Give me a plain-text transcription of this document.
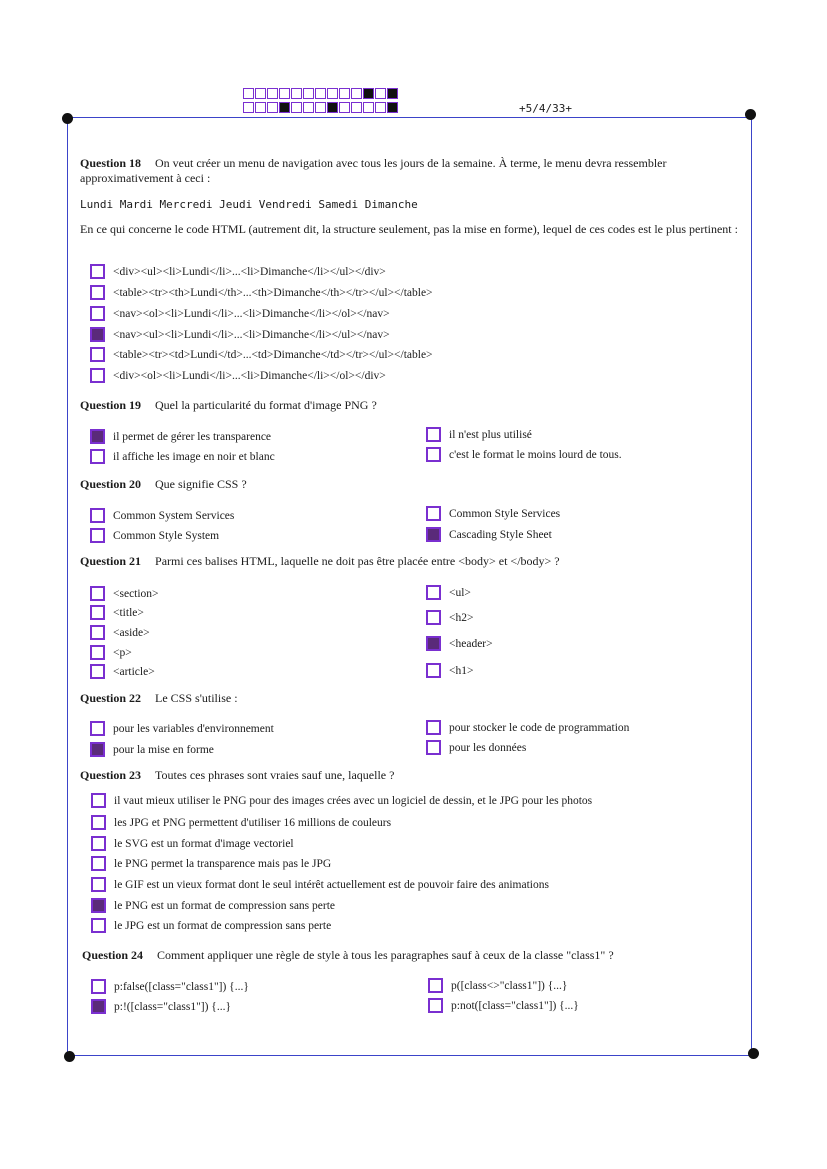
+5/4/33+
Question 18 On veut créer un menu de navigation avec tous les jours de la semaine. À terme, le menu devra ressembler approximativement à ceci :
Lundi Mardi Mercredi Jeudi Vendredi Samedi Dimanche
En ce qui concerne le code HTML (autrement dit, la structure seulement, pas la mise en forme), lequel de ces codes est le plus pertinent :
<div><ul><li>Lundi</li>...<li>Dimanche</li></ul></div>
<table><tr><th>Lundi</th>...<th>Dimanche</th></tr></ul></table>
<nav><ol><li>Lundi</li>...<li>Dimanche</li></ol></nav>
<nav><ul><li>Lundi</li>...<li>Dimanche</li></ul></nav>
<table><tr><td>Lundi</td>...<td>Dimanche</td></tr></ul></table>
<div><ol><li>Lundi</li>...<li>Dimanche</li></ol></div>
Question 19 Quel la particularité du format d'image PNG ?
il permet de gérer les transparence
il affiche les image en noir et blanc
il n'est plus utilisé
c'est le format le moins lourd de tous.
Question 20 Que signifie CSS ?
Common System Services
Common Style System
Common Style Services
Cascading Style Sheet
Question 21 Parmi ces balises HTML, laquelle ne doit pas être placée entre <body> et </body> ?
<section>
<title>
<aside>
<p>
<article>
<ul>
<h2>
<header>
<h1>
Question 22 Le CSS s'utilise :
pour les variables d'environnement
pour la mise en forme
pour stocker le code de programmation
pour les données
Question 23 Toutes ces phrases sont vraies sauf une, laquelle ?
il vaut mieux utiliser le PNG pour des images crées avec un logiciel de dessin, et le JPG pour les photos
les JPG et PNG permettent d'utiliser 16 millions de couleurs
le SVG est un format d'image vectoriel
le PNG permet la transparence mais pas le JPG
le GIF est un vieux format dont le seul intérêt actuellement est de pouvoir faire des animations
le PNG est un format de compression sans perte
le JPG est un format de compression sans perte
Question 24 Comment appliquer une règle de style à tous les paragraphes sauf à ceux de la classe "class1" ?
p:false([class="class1"]) {...}
p:!([class="class1"]) {...}
p([class<>"class1"]) {...}
p:not([class="class1"]) {...}
